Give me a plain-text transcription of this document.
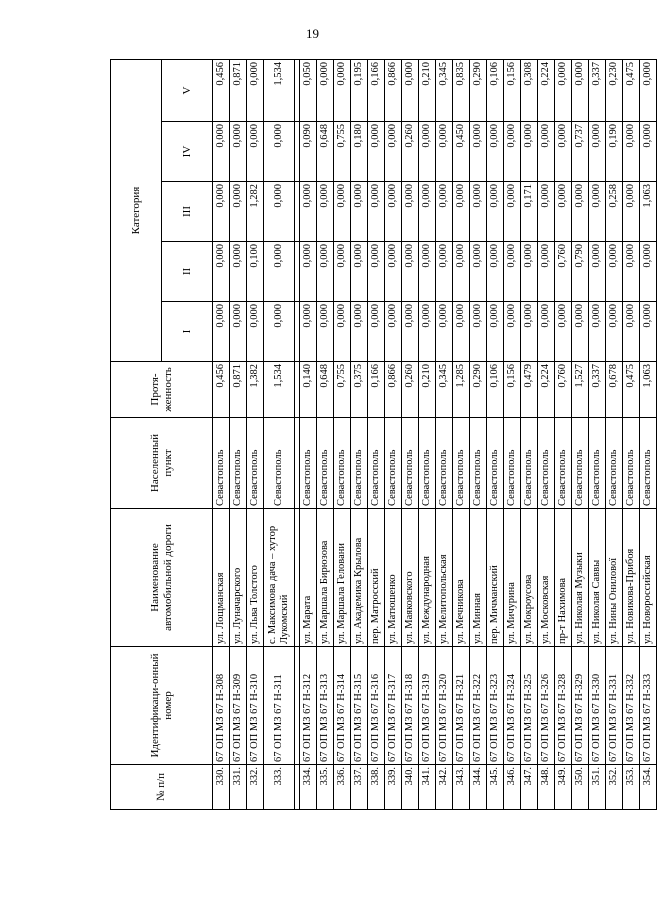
19
№ п/п	Идентификаци-онный номер	Наименование автомобильной дороги	Населенный пункт	Протя-женность	Категория				
					I	II	III	IV	V
330.	67 ОП МЗ 67 Н-308	ул. Лощманская	Севастополь	0,456	0,000	0,000	0,000	0,000	0,456
331.	67 ОП МЗ 67 Н-309	ул. Луначарского	Севастополь	0,871	0,000	0,000	0,000	0,000	0,871
332.	67 ОП МЗ 67 Н-310	ул. Льва Толстого	Севастополь	1,382	0,000	0,100	1,282	0,000	0,000
333.	67 ОП МЗ 67 Н-311	с. Максимова дача – хутор Лукомский	Севастополь	1,534	0,000	0,000	0,000	0,000	1,534

334.	67 ОП МЗ 67 Н-312	ул. Марата	Севастополь	0,140	0,000	0,000	0,000	0,090	0,050
335.	67 ОП МЗ 67 Н-313	ул. Маршала Бирюзова	Севастополь	0,648	0,000	0,000	0,000	0,648	0,000
336.	67 ОП МЗ 67 Н-314	ул. Маршала Геловани	Севастополь	0,755	0,000	0,000	0,000	0,755	0,000
337.	67 ОП МЗ 67 Н-315	ул. Академика Крылова	Севастополь	0,375	0,000	0,000	0,000	0,180	0,195
338.	67 ОП МЗ 67 Н-316	пер. Матросский	Севастополь	0,166	0,000	0,000	0,000	0,000	0,166
339.	67 ОП МЗ 67 Н-317	ул. Матюшенко	Севастополь	0,866	0,000	0,000	0,000	0,000	0,866
340.	67 ОП МЗ 67 Н-318	ул. Маяковского	Севастополь	0,260	0,000	0,000	0,000	0,260	0,000
341.	67 ОП МЗ 67 Н-319	ул. Международная	Севастополь	0,210	0,000	0,000	0,000	0,000	0,210
342.	67 ОП МЗ 67 Н-320	ул. Мелитопольская	Севастополь	0,345	0,000	0,000	0,000	0,000	0,345
343.	67 ОП МЗ 67 Н-321	ул. Мечникова	Севастополь	1,285	0,000	0,000	0,000	0,450	0,835
344.	67 ОП МЗ 67 Н-322	ул. Минная	Севастополь	0,290	0,000	0,000	0,000	0,000	0,290
345.	67 ОП МЗ 67 Н-323	пер. Мичманский	Севастополь	0,106	0,000	0,000	0,000	0,000	0,106
346.	67 ОП МЗ 67 Н-324	ул. Мичурина	Севастополь	0,156	0,000	0,000	0,000	0,000	0,156
347.	67 ОП МЗ 67 Н-325	ул. Мокроусова	Севастополь	0,479	0,000	0,000	0,171	0,000	0,308
348.	67 ОП МЗ 67 Н-326	ул. Московская	Севастополь	0,224	0,000	0,000	0,000	0,000	0,224
349.	67 ОП МЗ 67 Н-328	пр-т Нахимова	Севастополь	0,760	0,000	0,760	0,000	0,000	0,000
350.	67 ОП МЗ 67 Н-329	ул. Николая Музыки	Севастополь	1,527	0,000	0,790	0,000	0,737	0,000
351.	67 ОП МЗ 67 Н-330	ул. Николая Саввы	Севастополь	0,337	0,000	0,000	0,000	0,000	0,337
352.	67 ОП МЗ 67 Н-331	ул. Нины Онилової	Севастополь	0,678	0,000	0,000	0,258	0,190	0,230
353.	67 ОП МЗ 67 Н-332	ул. Новикова-Прибоя	Севастополь	0,475	0,000	0,000	0,000	0,000	0,475
354.	67 ОП МЗ 67 Н-333	ул. Новороссийская	Севастополь	1,063	0,000	0,000	1,063	0,000	0,000
